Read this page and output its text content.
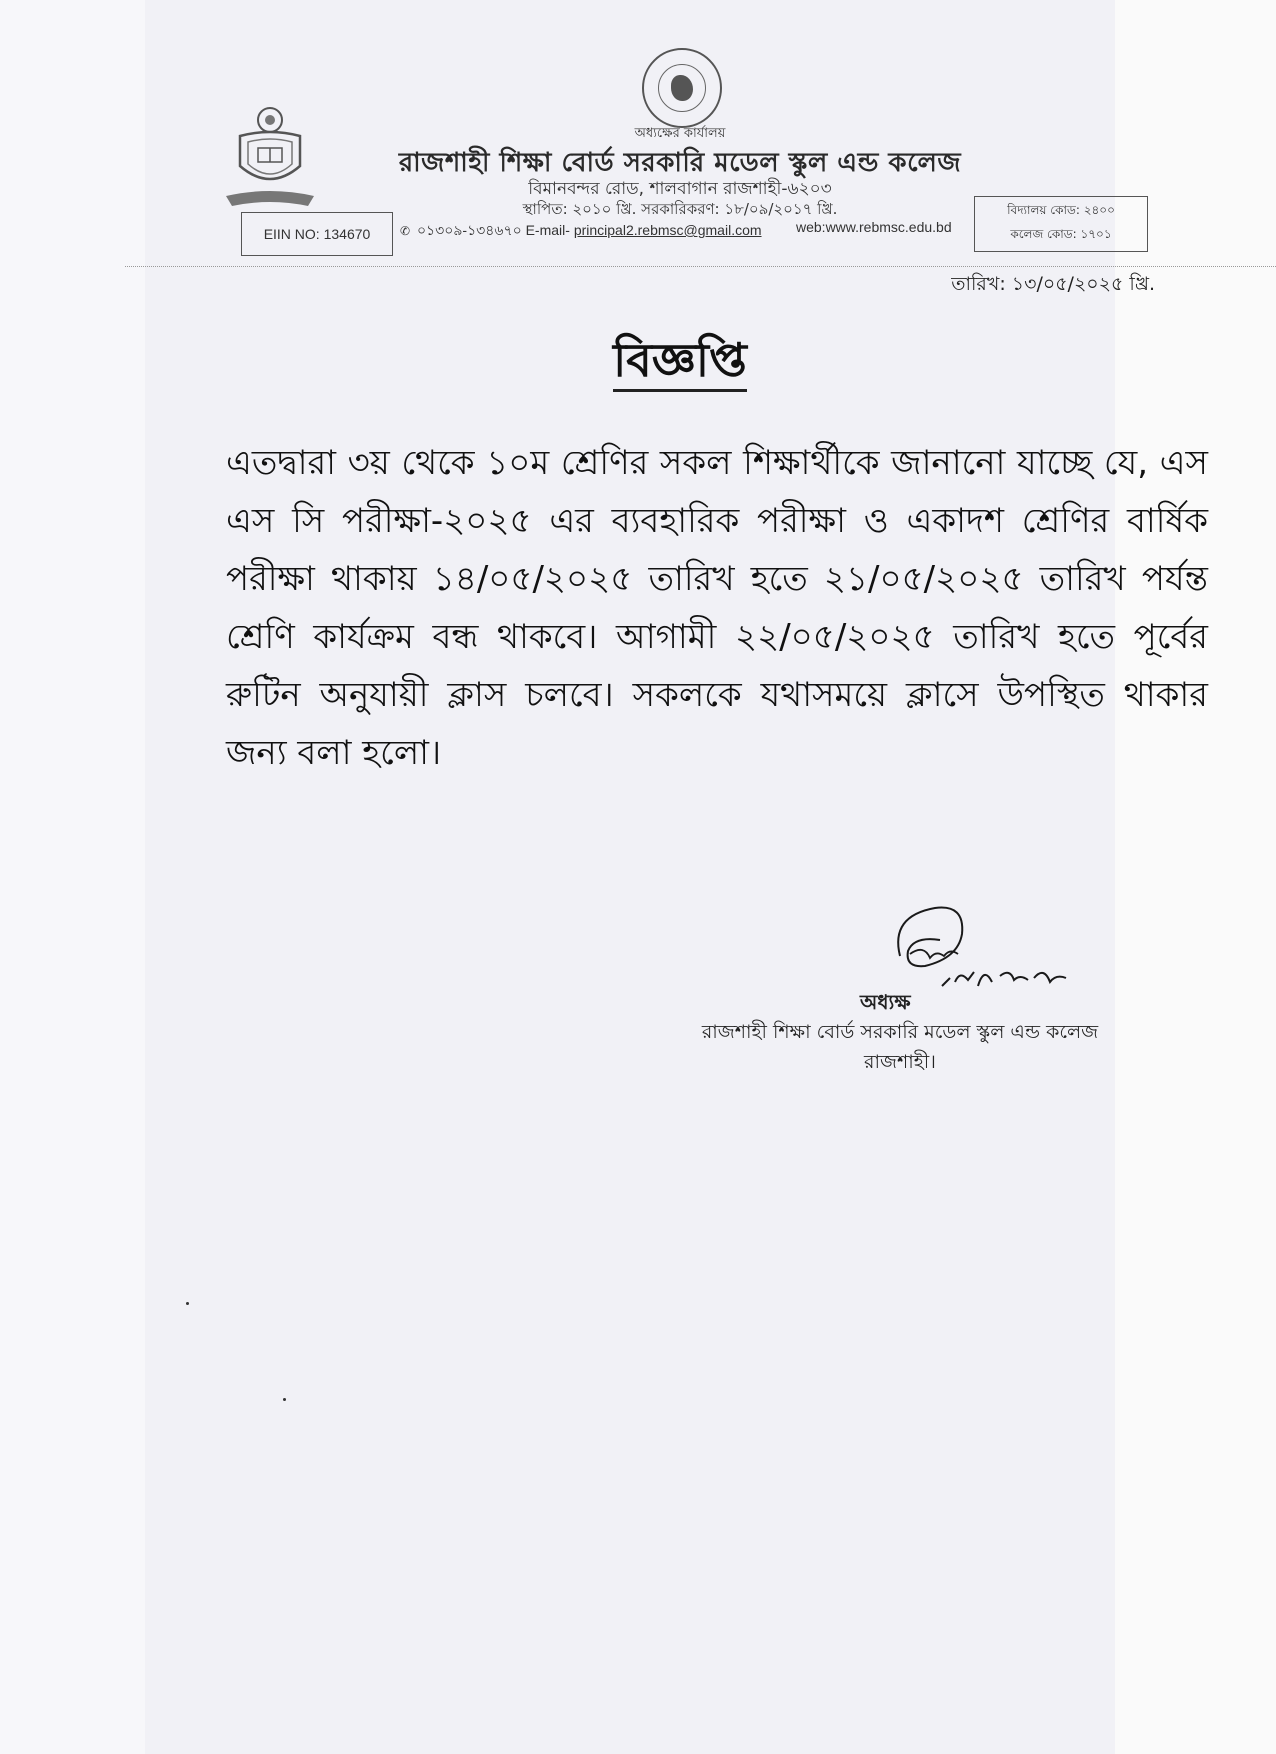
অধ্যক্ষের কার্যালয়
রাজশাহী শিক্ষা বোর্ড সরকারি মডেল স্কুল এন্ড কলেজ
বিমানবন্দর রোড, শালবাগান রাজশাহী-৬২০৩
স্থাপিত: ২০১০ খ্রি. সরকারিকরণ: ১৮/০৯/২০১৭ খ্রি.
EIIN NO: 134670	✆ ০১৩০৯-১৩৪৬৭০ E-mail- principal2.rebmsc@gmail.com	web:www.rebmsc.edu.bd
বিদ্যালয় কোড: ২৪০০
কলেজ কোড: ১৭০১
তারিখ: ১৩/০৫/২০২৫ খ্রি.
বিজ্ঞপ্তি
এতদ্বারা ৩য় থেকে ১০ম শ্রেণির সকল শিক্ষার্থীকে জানানো যাচ্ছে যে, এস এস সি পরীক্ষা-২০২৫ এর ব্যবহারিক পরীক্ষা ও একাদশ শ্রেণির বার্ষিক পরীক্ষা থাকায় ১৪/০৫/২০২৫ তারিখ হতে ২১/০৫/২০২৫ তারিখ পর্যন্ত শ্রেণি কার্যক্রম বন্ধ থাকবে। আগামী ২২/০৫/২০২৫ তারিখ হতে পূর্বের রুটিন অনুযায়ী ক্লাস চলবে। সকলকে যথাসময়ে ক্লাসে উপস্থিত থাকার জন্য বলা হলো।
১৩/০৫/২০২৫
অধ্যক্ষ
রাজশাহী শিক্ষা বোর্ড সরকারি মডেল স্কুল এন্ড কলেজ
রাজশাহী।
